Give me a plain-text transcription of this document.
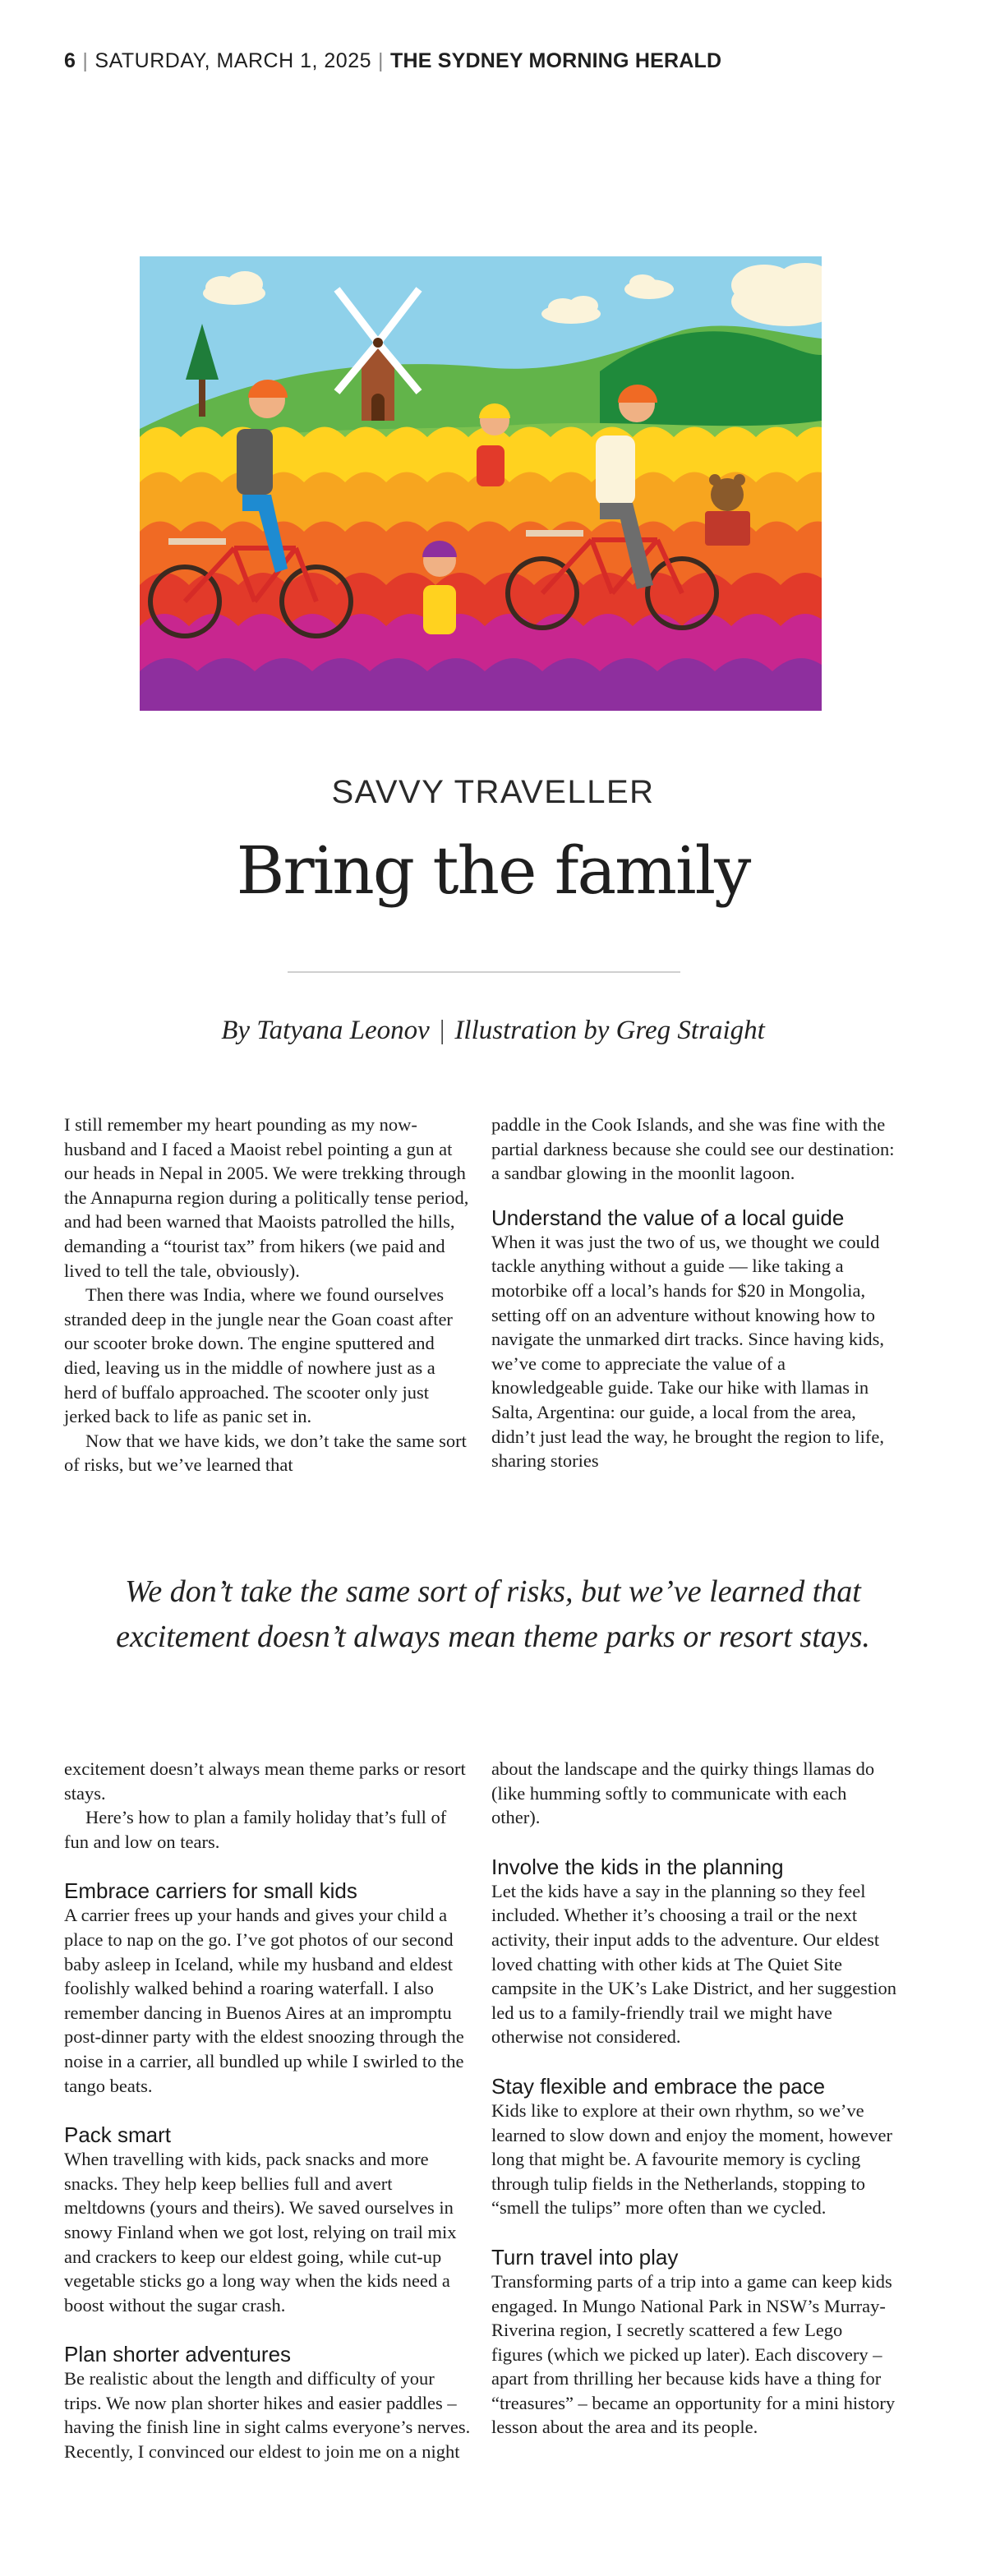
6 | SATURDAY, MARCH 1, 2025 | THE SYDNEY MORNING HERALD
SAVVY TRAVELLER
Bring the family
By Tatyana Leonov | Illustration by Greg Straight

I still remember my heart pounding as my now-husband and I faced a Maoist rebel pointing a gun at our heads in Nepal in 2005. We were trekking through the Annapurna region during a politically tense period, and had been warned that Maoists patrolled the hills, demanding a “tourist tax” from hikers (we paid and lived to tell the tale, obviously).

Then there was India, where we found ourselves stranded deep in the jungle near the Goan coast after our scooter broke down. The engine sputtered and died, leaving us in the middle of nowhere just as a herd of buffalo approached. The scooter only just jerked back to life as panic set in.

Now that we have kids, we don’t take the same sort of risks, but we’ve learned that

paddle in the Cook Islands, and she was fine with the partial darkness because she could see our destination: a sandbar glowing in the moonlit lagoon.

Understand the value of a local guide

When it was just the two of us, we thought we could tackle anything without a guide — like taking a motorbike off a local’s hands for $20 in Mongolia, setting off on an adventure without knowing how to navigate the unmarked dirt tracks. Since having kids, we’ve come to appreciate the value of a knowledgeable guide. Take our hike with llamas in Salta, Argentina: our guide, a local from the area, didn’t just lead the way, he brought the region to life, sharing stories

We don’t take the same sort of risks, but we’ve learned that excitement doesn’t always mean theme parks or resort stays.

excitement doesn’t always mean theme parks or resort stays.

Here’s how to plan a family holiday that’s full of fun and low on tears.

Embrace carriers for small kids

A carrier frees up your hands and gives your child a place to nap on the go. I’ve got photos of our second baby asleep in Iceland, while my husband and eldest foolishly walked behind a roaring waterfall. I also remember dancing in Buenos Aires at an impromptu post-dinner party with the eldest snoozing through the noise in a carrier, all bundled up while I swirled to the tango beats.

Pack smart

When travelling with kids, pack snacks and more snacks. They help keep bellies full and avert meltdowns (yours and theirs). We saved ourselves in snowy Finland when we got lost, relying on trail mix and crackers to keep our eldest going, while cut-up vegetable sticks go a long way when the kids need a boost without the sugar crash.

Plan shorter adventures

Be realistic about the length and difficulty of your trips. We now plan shorter hikes and easier paddles – having the finish line in sight calms everyone’s nerves. Recently, I convinced our eldest to join me on a night

about the landscape and the quirky things llamas do (like humming softly to communicate with each other).

Involve the kids in the planning

Let the kids have a say in the planning so they feel included. Whether it’s choosing a trail or the next activity, their input adds to the adventure. Our eldest loved chatting with other kids at The Quiet Site campsite in the UK’s Lake District, and her suggestion led us to a family-friendly trail we might have otherwise not considered.

Stay flexible and embrace the pace

Kids like to explore at their own rhythm, so we’ve learned to slow down and enjoy the moment, however long that might be. A favourite memory is cycling through tulip fields in the Netherlands, stopping to “smell the tulips” more often than we cycled.

Turn travel into play

Transforming parts of a trip into a game can keep kids engaged. In Mungo National Park in NSW’s Murray-Riverina region, I secretly scattered a few Lego figures (which we picked up later). Each discovery – apart from thrilling her because kids have a thing for “treasures” – became an opportunity for a mini history lesson about the area and its people.
